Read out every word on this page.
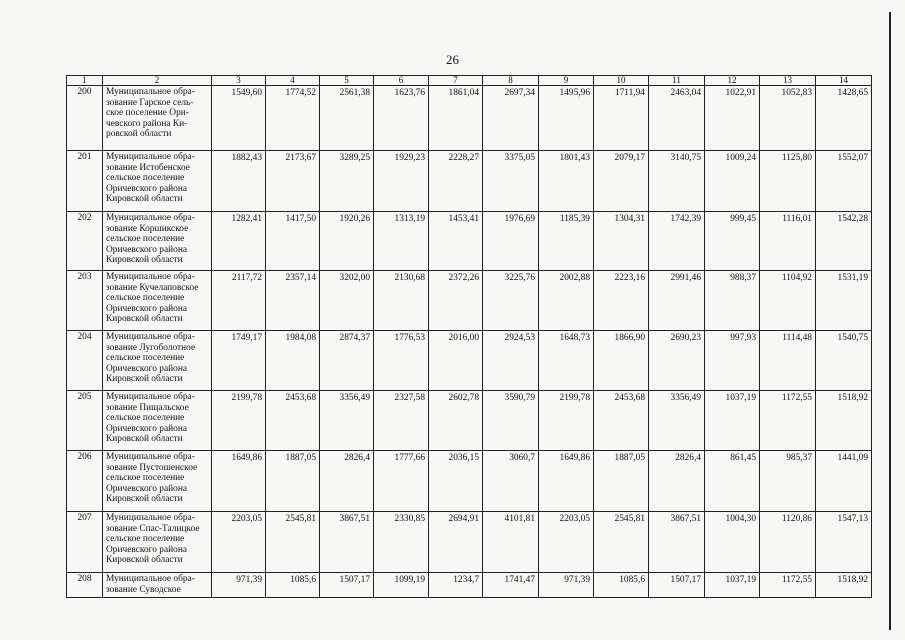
26
1	2	3	4	5	6	7	8	9	10	11	12	13	14
200	Муниципальное обра-
зование Гарское сель-
ское поселение Ори-
чевского района Ки-
ровской области	1549,60	1774,52	2561,38	1623,76	1861,04	2697,34	1495,96	1711,94	2463,04	1022,91	1052,83	1428,65
201	Муниципальное обра-
зование Истобенское
сельское поселение
Оричевского района
Кировской области	1882,43	2173,67	3289,25	1929,23	2228,27	3375,05	1801,43	2079,17	3140,75	1009,24	1125,80	1552,07
202	Муниципальное обра-
зование Коршикское
сельское поселение
Оричевского района
Кировской области	1282,41	1417,50	1920,26	1313,19	1453,41	1976,69	1185,39	1304,31	1742,39	999,45	1116,01	1542,28
203	Муниципальное обра-
зование Кучелаповское
сельское поселение
Оричевского района
Кировской области	2117,72	2357,14	3202,00	2130,68	2372,26	3225,76	2002,88	2223,16	2991,46	988,37	1104,92	1531,19
204	Муниципальное обра-
зование Лугоболотное
сельское поселение
Оричевского района
Кировской области	1749,17	1984,08	2874,37	1776,53	2016,00	2924,53	1648,73	1866,90	2690,23	997,93	1114,48	1540,75
205	Муниципальное обра-
зование Пищальское
сельское поселение
Оричевского района
Кировской области	2199,78	2453,68	3356,49	2327,58	2602,78	3590,79	2199,78	2453,68	3356,49	1037,19	1172,55	1518,92
206	Муниципальное обра-
зование Пустошенское
сельское поселение
Оричевского района
Кировской области	1649,86	1887,05	2826,4	1777,66	2036,15	3060,7	1649,86	1887,05	2826,4	861,45	985,37	1441,09
207	Муниципальное обра-
зование Спас-Талицкое
сельское поселение
Оричевского района
Кировской области	2203,05	2545,81	3867,51	2330,85	2694,91	4101,81	2203,05	2545,81	3867,51	1004,30	1120,86	1547,13
208	Муниципальное обра-
зование Суводское	971,39	1085,6	1507,17	1099,19	1234,7	1741,47	971,39	1085,6	1507,17	1037,19	1172,55	1518,92
